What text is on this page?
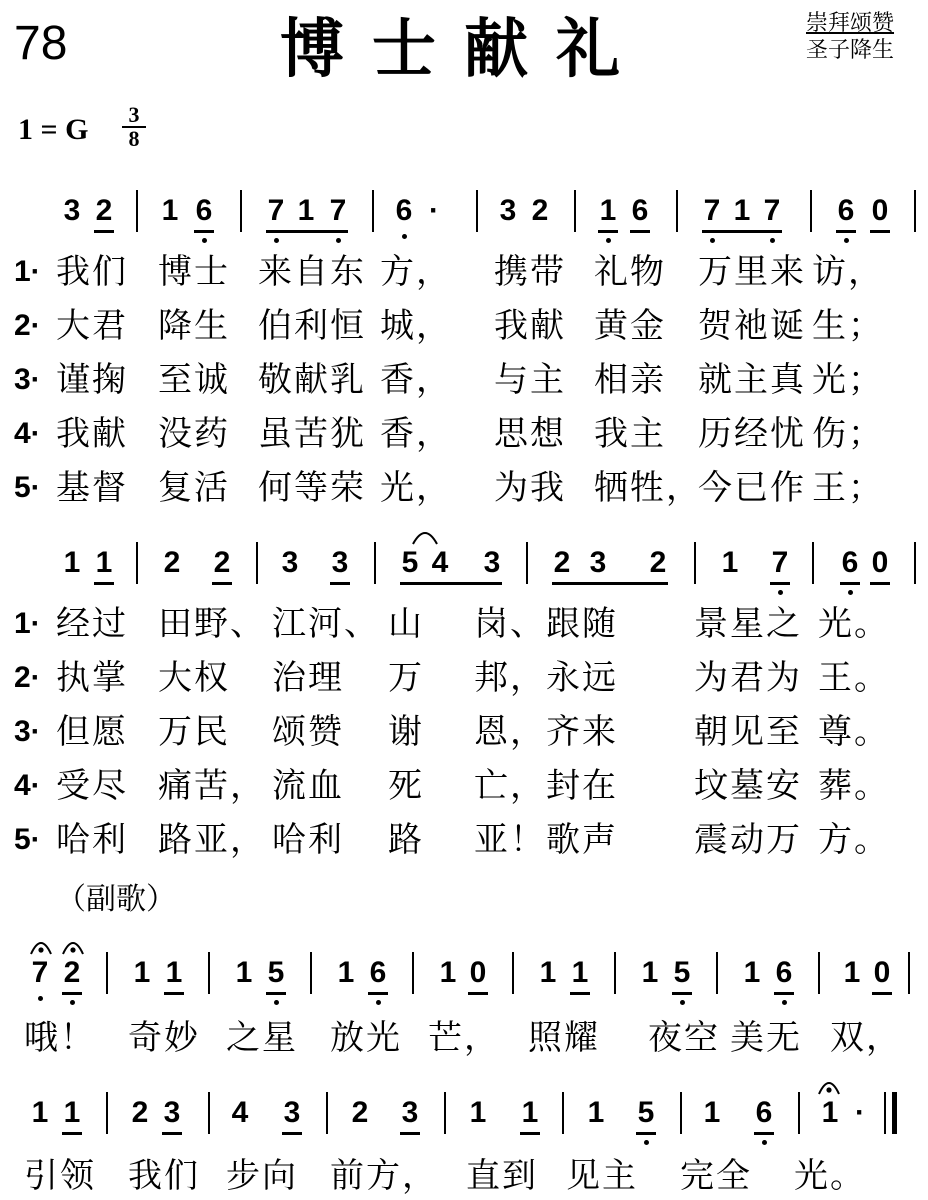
78	博士献礼	崇拜颂赞
圣子降生
1 = G $\frac{3}{8}$
3 2 1 6 7 1 7 6 · 3 2 1 6 7 1 7 6 0
1· 我们 博士 来自东 方， 携带 礼物 万里来 访，
2· 大君 降生 伯利恒 城， 我献 黄金 贺祂诞 生；
3· 谨掬 至诚 敬献乳 香， 与主 相亲 就主真 光；
4· 我献 没药 虽苦犹 香， 思想 我主 历经忧 伤；
5· 基督 复活 何等荣 光， 为我 牺牲，
今已作 王；
1 1 2 2 3 3 5 4 3 2 3 2 1 7 6 0
1· 经过 田野、 江河、 山 岗、跟随 景星之 光。
2· 执掌 大权 治理 万 邦，永远 为君为 王。
3· 但愿 万民 颂赞 谢 恩，齐来 朝见至 尊。
4· 受尽 痛苦， 流血 死 亡，封在 坟墓安 葬。
5· 哈利 路亚， 哈利 路 亚！歌声 震动万 方。
（副歌）
7 2 1 1 1 5 1 6 1 0 1 1 1 5 1 6 1 0
哦！ 奇妙 之星 放光 芒， 照耀 夜空 美无 双，
1 1 2 3 4 3 2 3 1 1 1 5 1 6 1 ·
引领 我们 步向 前方， 直到 见主 完全 光。
